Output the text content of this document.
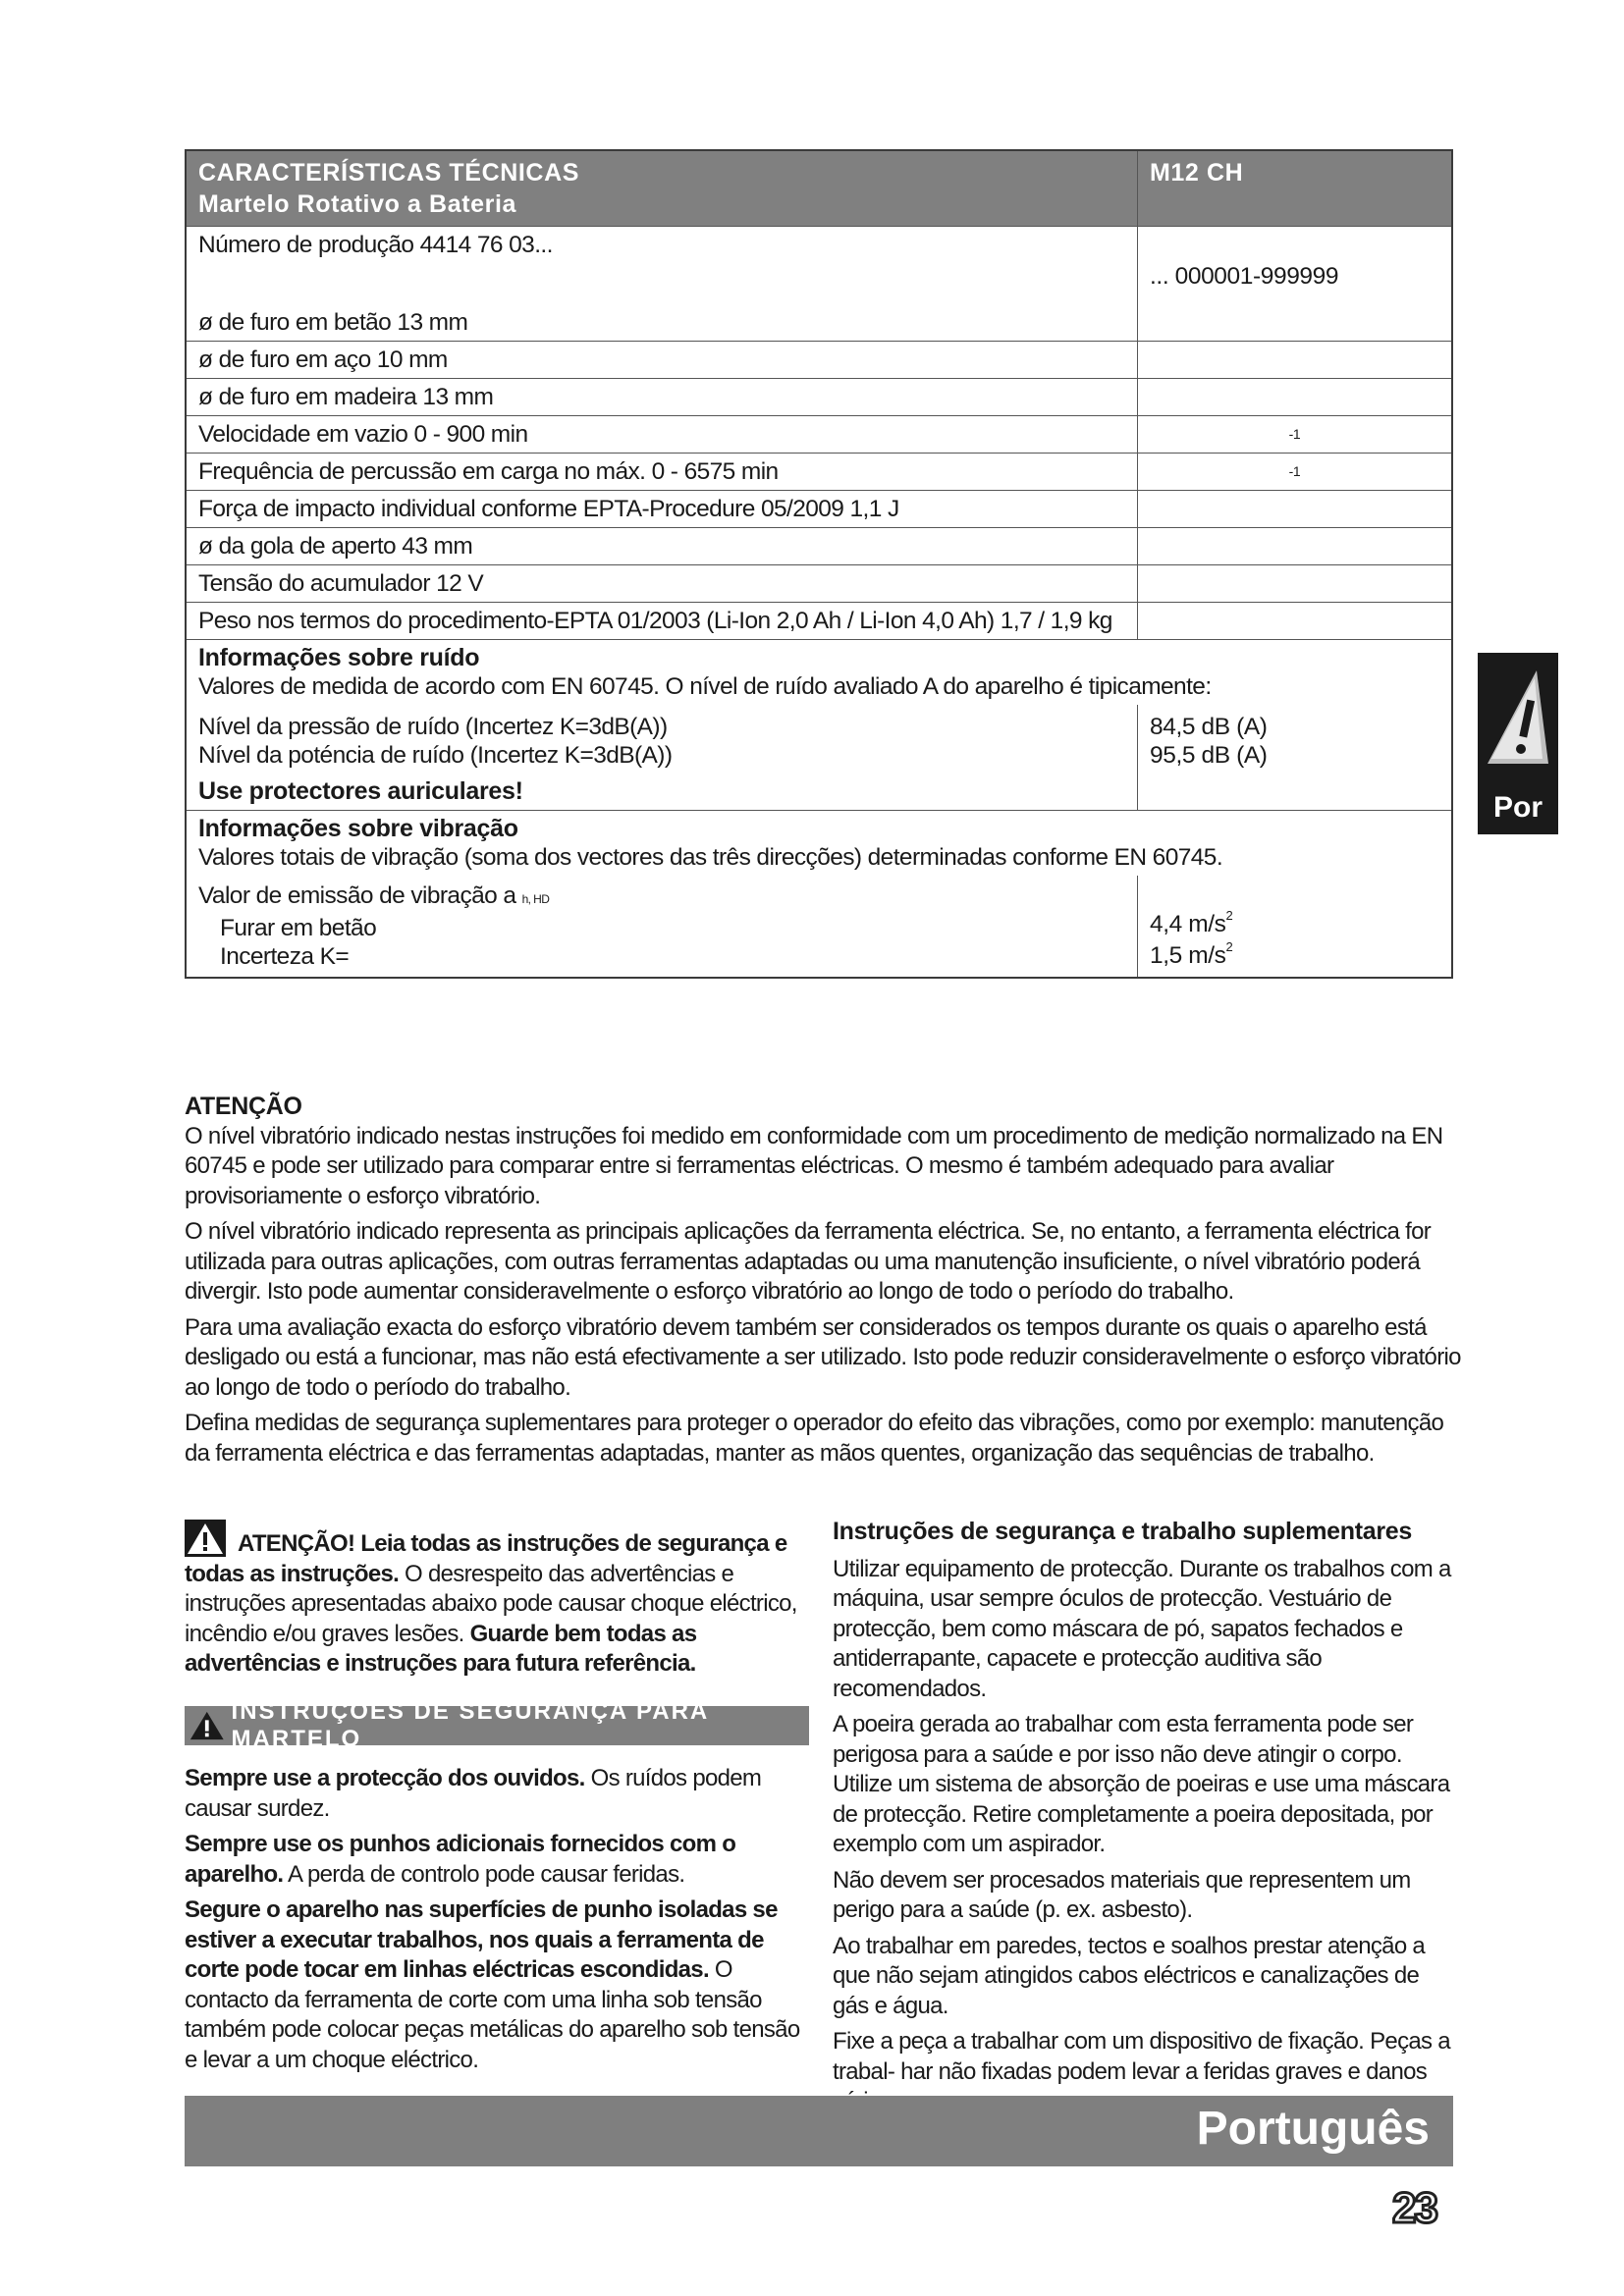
CARACTERÍSTICAS TÉCNICAS
Martelo Rotativo a Bateria
M12 CH
Número de produção 4414 76 03...
... 000001-999999
ø de furo em betão 13 mm
ø de furo em aço 10 mm
ø de furo em madeira 13 mm
Velocidade em vazio 0 - 900 min	-1
Frequência de percussão em carga no máx. 0 - 6575 min	-1
Força de impacto individual conforme EPTA-Procedure 05/2009 1,1 J
ø da gola de aperto 43 mm
Tensão do acumulador 12 V
Peso nos termos do procedimento-EPTA 01/2003 (Li-Ion 2,0 Ah / Li-Ion 4,0 Ah) 1,7 / 1,9 kg
Informações sobre ruído
Valores de medida de acordo com EN 60745. O nível de ruído avaliado A do aparelho é tipicamente:
Nível da pressão de ruído (Incertez K=3dB(A))
Nível da poténcia de ruído (Incertez K=3dB(A))
Use protectores auriculares!
84,5 dB (A)
95,5 dB (A)
Informações sobre vibração
Valores totais de vibração (soma dos vectores das três direcções) determinadas conforme EN 60745.
Valor de emissão de vibração a h, HD
Furar em betão
Incerteza K=
4,4 $m/s^2$
1,5 $m/s^2$
Por
ATENÇÃO

O nível vibratório indicado nestas instruções foi medido em conformidade com um procedimento de medição normalizado na EN 60745 e pode ser utilizado para comparar entre si ferramentas eléctricas. O mesmo é também adequado para avaliar provisoriamente o esforço vibratório.

O nível vibratório indicado representa as principais aplicações da ferramenta eléctrica. Se, no entanto, a ferramenta eléctrica for utilizada para outras aplicações, com outras ferramentas adaptadas ou uma manutenção insuficiente, o nível vibratório poderá divergir. Isto pode aumentar consideravelmente o esforço vibratório ao longo de todo o período do trabalho.

Para uma avaliação exacta do esforço vibratório devem também ser considerados os tempos durante os quais o aparelho está desligado ou está a funcionar, mas não está efectivamente a ser utilizado. Isto pode reduzir consideravelmente o esforço vibratório ao longo de todo o período do trabalho.

Defina medidas de segurança suplementares para proteger o operador do efeito das vibrações, como por exemplo: manutenção da ferramenta eléctrica e das ferramentas adaptadas, manter as mãos quentes, organização das sequências de trabalho.

ATENÇÃO! Leia todas as instruções de segurança e todas as instruções. O desrespeito das advertências e instruções apresentadas abaixo pode causar choque eléctrico, incêndio e/ou graves lesões. Guarde bem todas as advertências e instruções para futura referência.

INSTRUÇÕES DE SEGURANÇA PARA MARTELO

Sempre use a protecção dos ouvidos. Os ruídos podem causar surdez.

Sempre use os punhos adicionais fornecidos com o aparelho. A perda de controlo pode causar feridas.

Segure o aparelho nas superfícies de punho isoladas se estiver a executar trabalhos, nos quais a ferramenta de corte pode tocar em linhas eléctricas escondidas. O contacto da ferramenta de corte com uma linha sob tensão também pode colocar peças metálicas do aparelho sob tensão e levar a um choque eléctrico.

Instruções de segurança e trabalho suplementares

Utilizar equipamento de protecção. Durante os trabalhos com a máquina, usar sempre óculos de protecção. Vestuário de protecção, bem como máscara de pó, sapatos fechados e antiderrapante, capacete e protecção auditiva são recomendados.

A poeira gerada ao trabalhar com esta ferramenta pode ser perigosa para a saúde e por isso não deve atingir o corpo. Utilize um sistema de absorção de poeiras e use uma máscara de protecção. Retire completamente a poeira depositada, por exemplo com um aspirador.

Não devem ser procesados materiais que representem um perigo para a saúde (p. ex. asbesto).

Ao trabalhar em paredes, tectos e soalhos prestar atenção a que não sejam atingidos cabos eléctricos e canalizações de gás e água.

Fixe a peça a trabalhar com um dispositivo de fixação. Peças a trabal- har não fixadas podem levar a feridas graves e danos

Português
23
